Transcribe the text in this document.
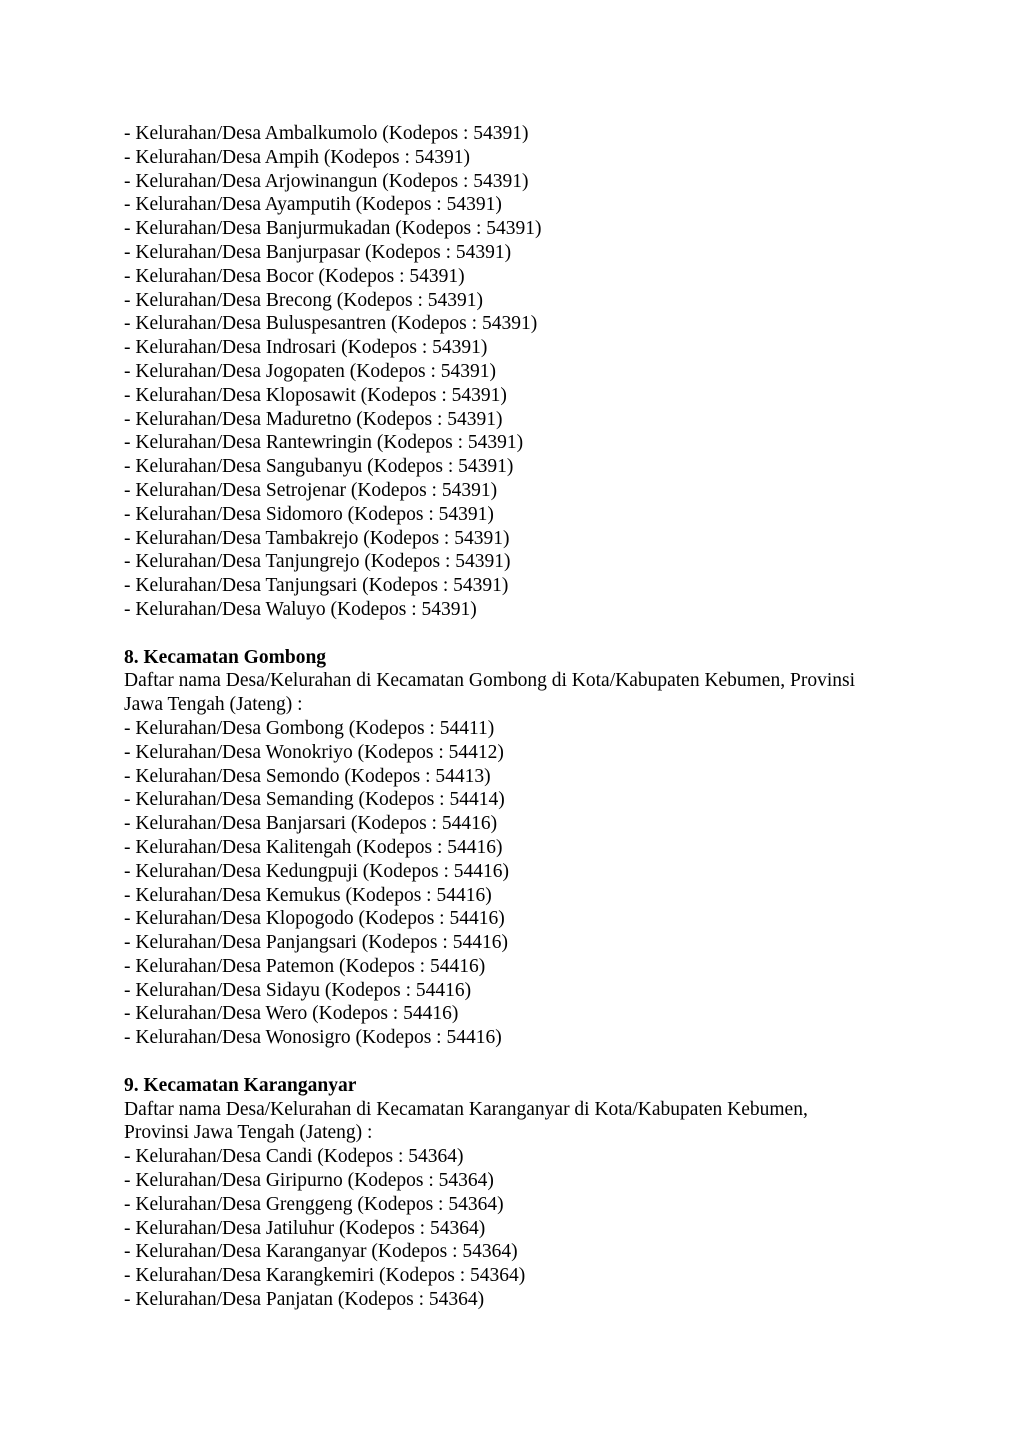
- Kelurahan/Desa Ambalkumolo (Kodepos : 54391)

- Kelurahan/Desa Ampih (Kodepos : 54391)

- Kelurahan/Desa Arjowinangun (Kodepos : 54391)

- Kelurahan/Desa Ayamputih (Kodepos : 54391)

- Kelurahan/Desa Banjurmukadan (Kodepos : 54391)

- Kelurahan/Desa Banjurpasar (Kodepos : 54391)

- Kelurahan/Desa Bocor (Kodepos : 54391)

- Kelurahan/Desa Brecong (Kodepos : 54391)

- Kelurahan/Desa Buluspesantren (Kodepos : 54391)

- Kelurahan/Desa Indrosari (Kodepos : 54391)

- Kelurahan/Desa Jogopaten (Kodepos : 54391)

- Kelurahan/Desa Kloposawit (Kodepos : 54391)

- Kelurahan/Desa Maduretno (Kodepos : 54391)

- Kelurahan/Desa Rantewringin (Kodepos : 54391)

- Kelurahan/Desa Sangubanyu (Kodepos : 54391)

- Kelurahan/Desa Setrojenar (Kodepos : 54391)

- Kelurahan/Desa Sidomoro (Kodepos : 54391)

- Kelurahan/Desa Tambakrejo (Kodepos : 54391)

- Kelurahan/Desa Tanjungrejo (Kodepos : 54391)

- Kelurahan/Desa Tanjungsari (Kodepos : 54391)

- Kelurahan/Desa Waluyo (Kodepos : 54391)

8. Kecamatan Gombong

Daftar nama Desa/Kelurahan di Kecamatan Gombong di Kota/Kabupaten Kebumen, Provinsi
Jawa Tengah (Jateng) :

- Kelurahan/Desa Gombong (Kodepos : 54411)

- Kelurahan/Desa Wonokriyo (Kodepos : 54412)

- Kelurahan/Desa Semondo (Kodepos : 54413)

- Kelurahan/Desa Semanding (Kodepos : 54414)

- Kelurahan/Desa Banjarsari (Kodepos : 54416)

- Kelurahan/Desa Kalitengah (Kodepos : 54416)

- Kelurahan/Desa Kedungpuji (Kodepos : 54416)

- Kelurahan/Desa Kemukus (Kodepos : 54416)

- Kelurahan/Desa Klopogodo (Kodepos : 54416)

- Kelurahan/Desa Panjangsari (Kodepos : 54416)

- Kelurahan/Desa Patemon (Kodepos : 54416)

- Kelurahan/Desa Sidayu (Kodepos : 54416)

- Kelurahan/Desa Wero (Kodepos : 54416)

- Kelurahan/Desa Wonosigro (Kodepos : 54416)

9. Kecamatan Karanganyar

Daftar nama Desa/Kelurahan di Kecamatan Karanganyar di Kota/Kabupaten Kebumen,
Provinsi Jawa Tengah (Jateng) :

- Kelurahan/Desa Candi (Kodepos : 54364)

- Kelurahan/Desa Giripurno (Kodepos : 54364)

- Kelurahan/Desa Grenggeng (Kodepos : 54364)

- Kelurahan/Desa Jatiluhur (Kodepos : 54364)

- Kelurahan/Desa Karanganyar (Kodepos : 54364)

- Kelurahan/Desa Karangkemiri (Kodepos : 54364)

- Kelurahan/Desa Panjatan (Kodepos : 54364)
